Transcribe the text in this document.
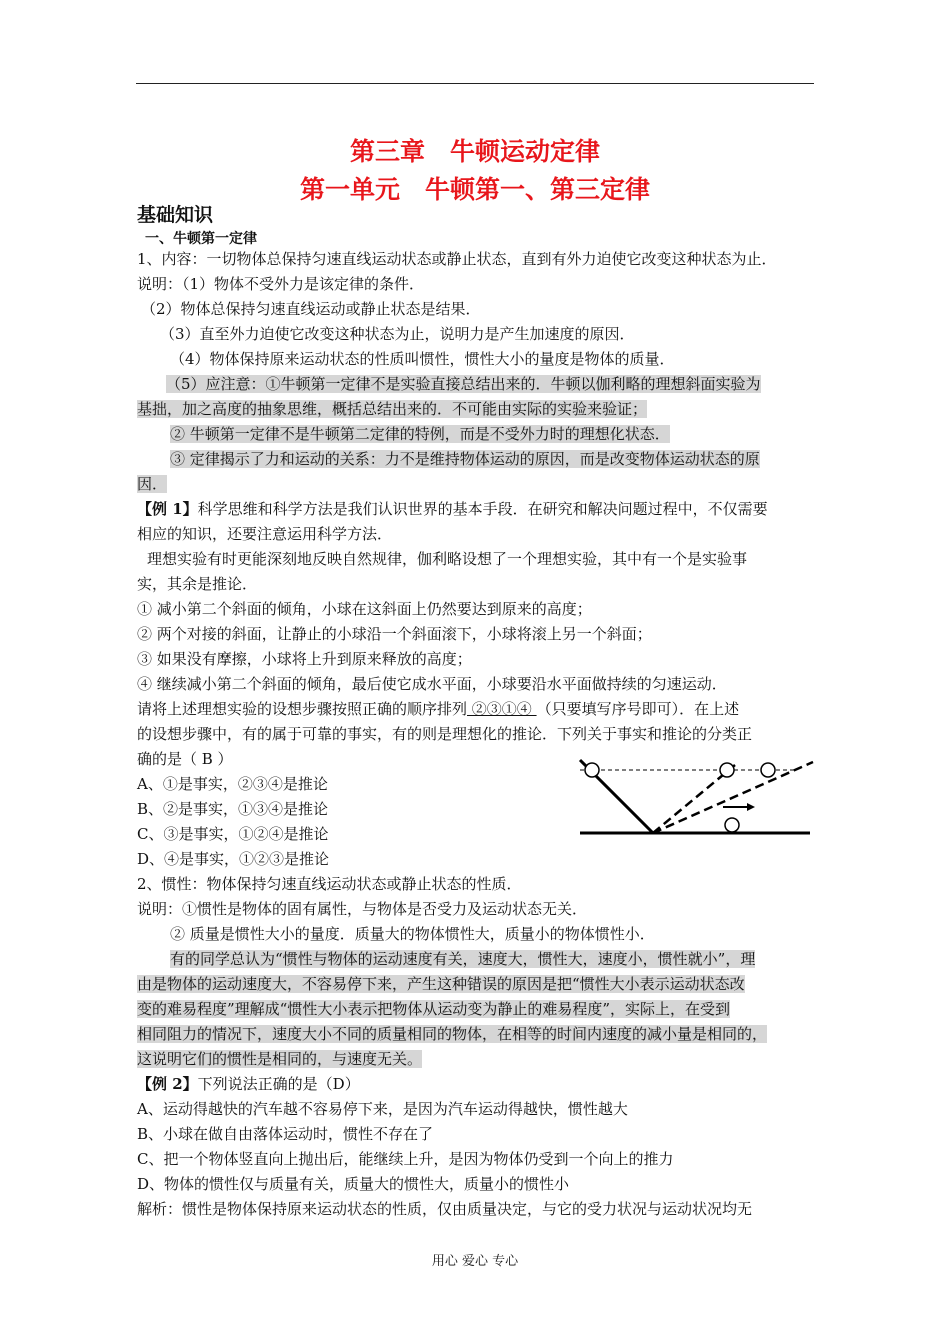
第三章　牛顿运动定律
第一单元　牛顿第一、第三定律
基础知识
一、牛顿第一定律
1、内容：一切物体总保持匀速直线运动状态或静止状态，直到有外力迫使它改变这种状态为止．
说明：（1）物体不受外力是该定律的条件．
（2）物体总保持匀速直线运动或静止状态是结果．
（3）直至外力迫使它改变这种状态为止，说明力是产生加速度的原因．
（4）物体保持原来运动状态的性质叫惯性，惯性大小的量度是物体的质量．
（5）应注意：①牛顿第一定律不是实验直接总结出来的．牛顿以伽利略的理想斜面实验为
基拙，加之高度的抽象思维，概括总结出来的．不可能由实际的实验来验证；
② 牛顿第一定律不是牛顿第二定律的特例，而是不受外力时的理想化状态．
③ 定律揭示了力和运动的关系：力不是维持物体运动的原因，而是改变物体运动状态的原
因．
【例 1】科学思维和科学方法是我们认识世界的基本手段．在研究和解决问题过程中，不仅需要
相应的知识，还要注意运用科学方法．
理想实验有时更能深刻地反映自然规律，伽利略设想了一个理想实验，其中有一个是实验事
实，其余是推论．
① 减小第二个斜面的倾角，小球在这斜面上仍然要达到原来的高度；
② 两个对接的斜面，让静止的小球沿一个斜面滚下，小球将滚上另一个斜面；
③ 如果没有摩擦，小球将上升到原来释放的高度；
④ 继续减小第二个斜面的倾角，最后使它成水平面，小球要沿水平面做持续的匀速运动．
请将上述理想实验的设想步骤按照正确的顺序排列 ②③①④ （只要填写序号即可）．在上述
的设想步骤中，有的属于可靠的事实，有的则是理想化的推论．下列关于事实和推论的分类正
确的是（ B ）
A、①是事实，②③④是推论
B、②是事实，①③④是推论
C、③是事实，①②④是推论
D、④是事实，①②③是推论
2、惯性：物体保持匀速直线运动状态或静止状态的性质．
说明：①惯性是物体的固有属性，与物体是否受力及运动状态无关．
② 质量是惯性大小的量度．质量大的物体惯性大，质量小的物体惯性小．
有的同学总认为“惯性与物体的运动速度有关，速度大，惯性大，速度小，惯性就小”，理
由是物体的运动速度大，不容易停下来，产生这种错误的原因是把“惯性大小表示运动状态改
变的难易程度”理解成“惯性大小表示把物体从运动变为静止的难易程度”，实际上，在受到
相同阻力的情况下，速度大小不同的质量相同的物体，在相等的时间内速度的减小量是相同的，
这说明它们的惯性是相同的，与速度无关。
【例 2】下列说法正确的是（D）
A、运动得越快的汽车越不容易停下来，是因为汽车运动得越快，惯性越大
B、小球在做自由落体运动时，惯性不存在了
C、把一个物体竖直向上抛出后，能继续上升，是因为物体仍受到一个向上的推力
D、物体的惯性仅与质量有关，质量大的惯性大，质量小的惯性小
解析：惯性是物体保持原来运动状态的性质，仅由质量决定，与它的受力状况与运动状况均无
用心 爱心 专心
